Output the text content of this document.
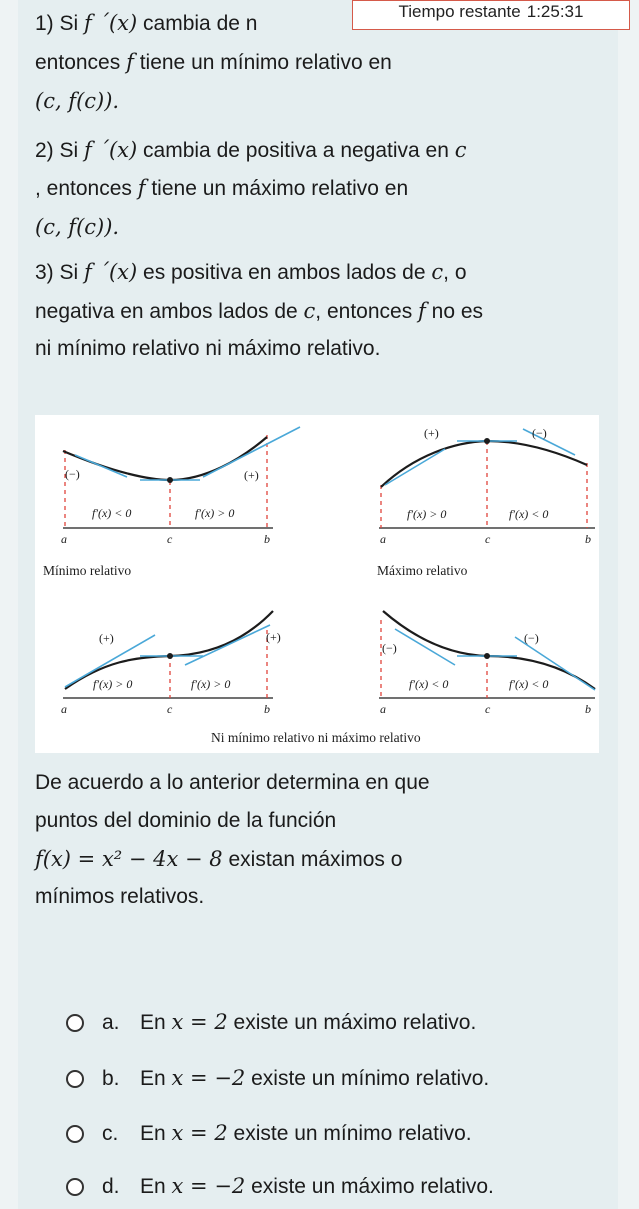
Tiempo restante 1:25:31
1) Si f ´(x) cambia de n
entonces f tiene un mínimo relativo en
(c, f(c)).
2) Si f ´(x) cambia de positiva a negativa en c
, entonces f tiene un máximo relativo en
(c, f(c)).
3) Si f ´(x) es positiva en ambos lados de c, o
negativa en ambos lados de c, entonces f no es
ni mínimo relativo ni máximo relativo.
(−)	(+)
f′(x) < 0	f′(x) > 0
a	c	b
Mínimo relativo
(+)	(−)
f′(x) > 0	f′(x) < 0
a	c	b
Máximo relativo
(+)	(+)
f′(x) > 0	f′(x) > 0
a	c	b
(−)
(−)
f′(x) < 0	f′(x) < 0
a	c	b
Ni mínimo relativo ni máximo relativo
De acuerdo a lo anterior determina en que
puntos del dominio de la función
f(x) = x² − 4x − 8 existan máximos o
mínimos relativos.
a. En x = 2 existe un máximo relativo.
b. En x = −2 existe un mínimo relativo.
c. En x = 2 existe un mínimo relativo.
d. En x = −2 existe un máximo relativo.
